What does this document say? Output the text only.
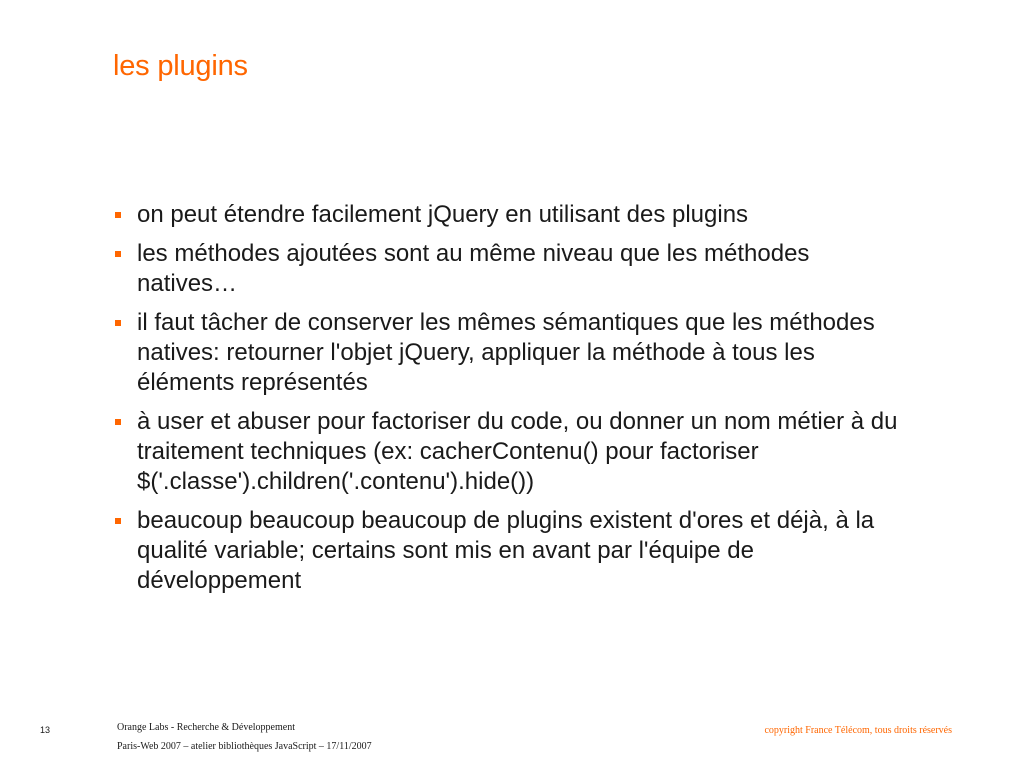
les plugins
on peut étendre facilement jQuery en utilisant des plugins
les méthodes ajoutées sont au même niveau que les méthodes natives…
il faut tâcher de conserver les mêmes sémantiques que les méthodes natives: retourner l'objet jQuery, appliquer la méthode à tous les éléments représentés
à user et abuser pour factoriser du code, ou donner un nom métier à du traitement techniques (ex: cacherContenu() pour factoriser $('.classe').children('.contenu').hide())
beaucoup beaucoup beaucoup de plugins existent d'ores et déjà, à la qualité variable; certains sont mis en avant par l'équipe de développement
13	Orange Labs - Recherche & Développement
Paris-Web 2007 – atelier bibliothèques JavaScript – 17/11/2007
copyright France Télécom, tous droits réservés
